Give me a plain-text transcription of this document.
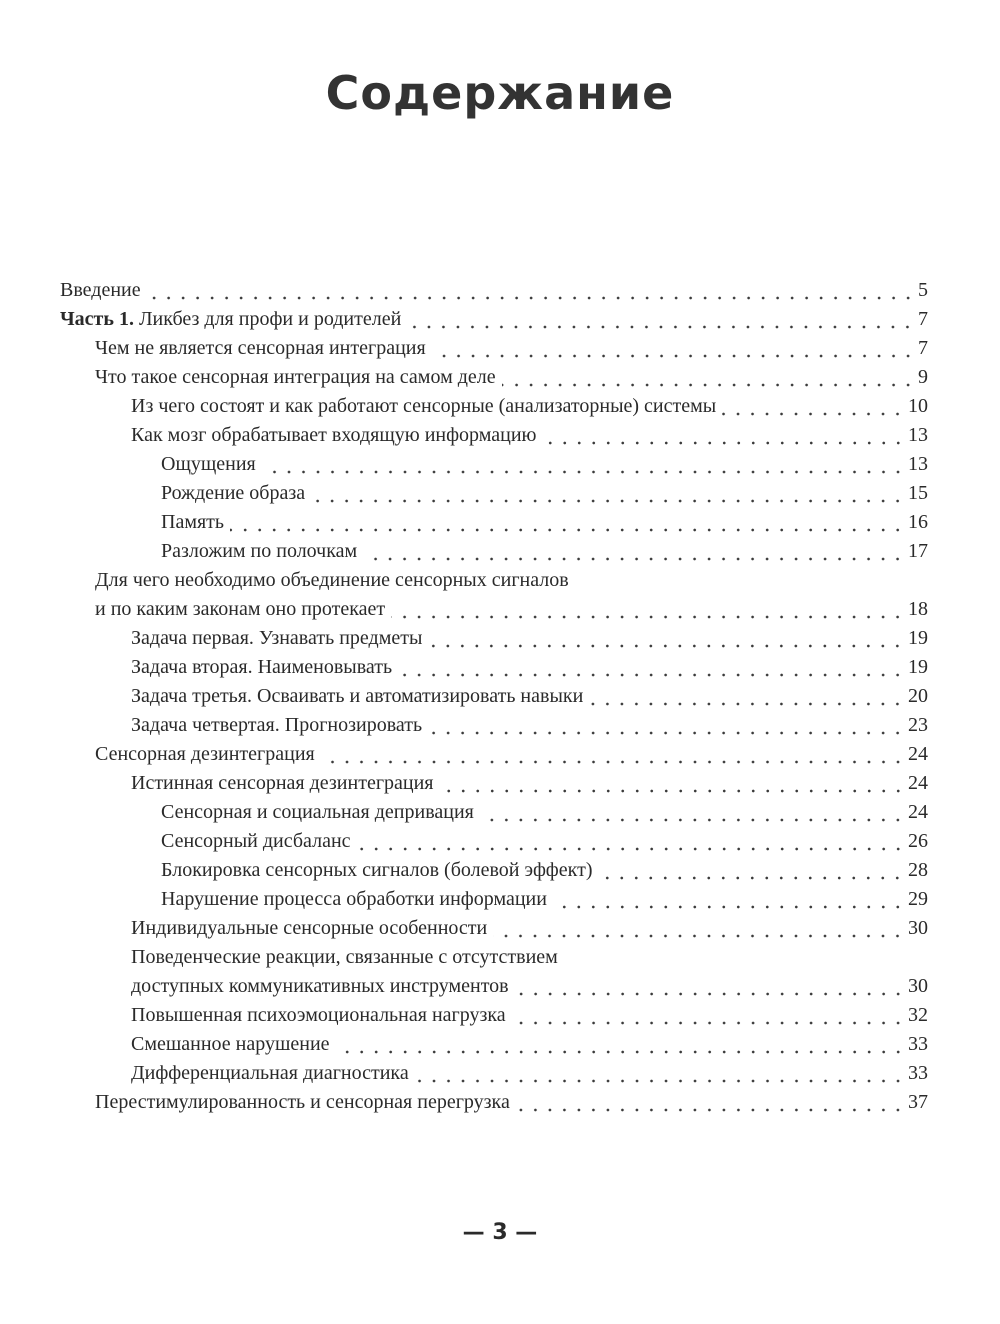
Содержание
Введение	5
Часть 1. Ликбез для профи и родителей	7
Чем не является сенсорная интеграция	7
Что такое сенсорная интеграция на самом деле	9
Из чего состоят и как работают сенсорные (анализаторные) системы	10
Как мозг обрабатывает входящую информацию	13
Ощущения	13
Рождение образа	15
Память	16
Разложим по полочкам	17
Для чего необходимо объединение сенсорных сигналов
и по каким законам оно протекает	18
Задача первая. Узнавать предметы	19
Задача вторая. Наименовывать	19
Задача третья. Осваивать и автоматизировать навыки	20
Задача четвертая. Прогнозировать	23
Сенсорная дезинтеграция	24
Истинная сенсорная дезинтеграция	24
Сенсорная и социальная депривация	24
Сенсорный дисбаланс	26
Блокировка сенсорных сигналов (болевой эффект)	28
Нарушение процесса обработки информации	29
Индивидуальные сенсорные особенности	30
Поведенческие реакции, связанные с отсутствием
доступных коммуникативных инструментов	30
Повышенная психоэмоциональная нагрузка	32
Смешанное нарушение	33
Дифференциальная диагностика	33
Перестимулированность и сенсорная перегрузка	37
— 3 —
